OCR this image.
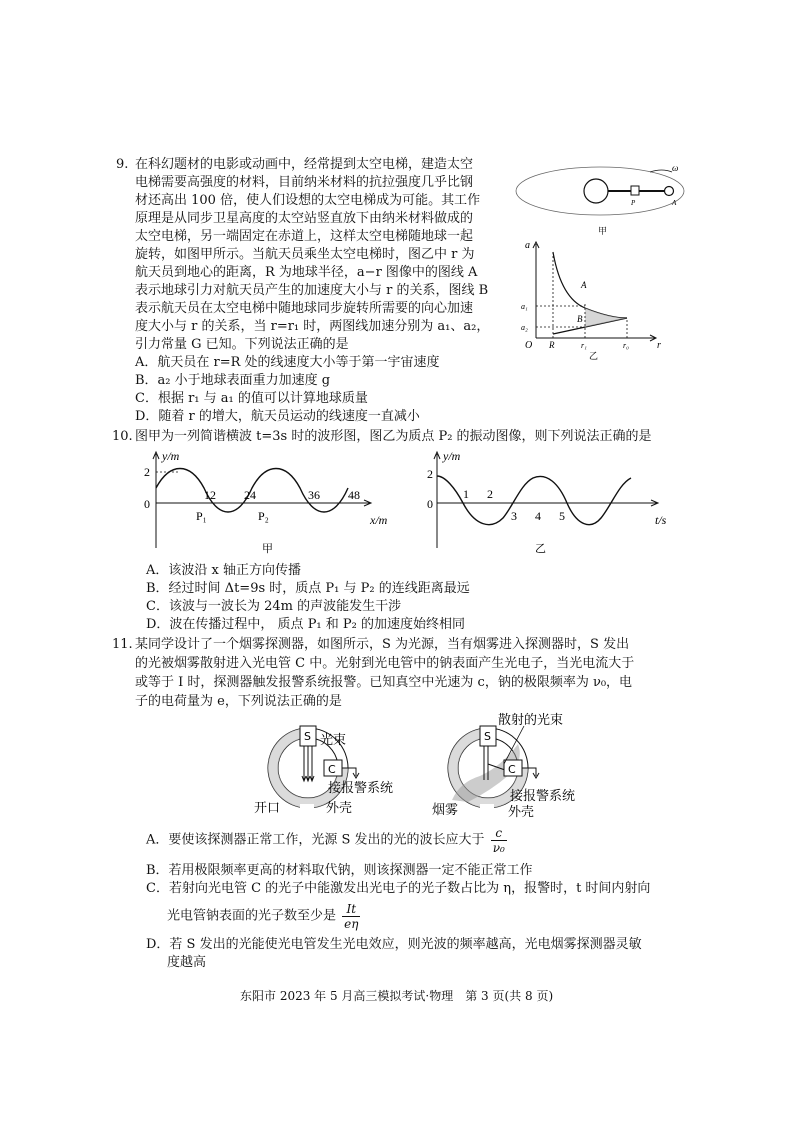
9. 在科幻题材的电影或动画中，经常提到太空电梯，建造太空
电梯需要高强度的材料，目前纳米材料的抗拉强度几乎比钢
材还高出 100 倍，使人们设想的太空电梯成为可能。其工作
原理是从同步卫星高度的太空站竖直放下由纳米材料做成的
太空电梯，另一端固定在赤道上，这样太空电梯随地球一起
旋转，如图甲所示。当航天员乘坐太空电梯时，图乙中 r 为
航天员到地心的距离，R 为地球半径，a−r 图像中的图线 A
表示地球引力对航天员产生的加速度大小与 r 的关系，图线 B
表示航天员在太空电梯中随地球同步旋转所需要的向心加速
度大小与 r 的关系，当 r=r₁ 时，两图线加速分别为 a₁、a₂，
引力常量 G 已知。下列说法正确的是
A．航天员在 r=R 处的线速度大小等于第一宇宙速度
B．a₂ 小于地球表面重力加速度 g
C．根据 r₁ 与 a₁ 的值可以计算地球质量
D．随着 r 的增大，航天员运动的线速度一直减小
ω
P	A
甲
a
r
O
a₁
a₂
R	r₁	r₀
A
B
乙
10. 图甲为一列简谐横波 t=3s 时的波形图，图乙为质点 P₂ 的振动图像，则下列说法正确的是
y/m
2
0
12 24	36 48
x/m
P₁	P₂
甲
y/m
2
0
1 2
3 4 5	t/s
乙
A．该波沿 x 轴正方向传播
B．经过时间 Δt=9s 时，质点 P₁ 与 P₂ 的连线距离最远
C．该波与一波长为 24m 的声波能发生干涉
D．波在传播过程中， 质点 P₁ 和 P₂ 的加速度始终相同
11. 某同学设计了一个烟雾探测器，如图所示，S 为光源，当有烟雾进入探测器时，S 发出
的光被烟雾散射进入光电管 C 中。光射到光电管中的钠表面产生光电子，当光电流大于
或等于 I 时，探测器触发报警系统报警。已知真空中光速为 c，钠的极限频率为 ν₀，电
子的电荷量为 e，下列说法正确的是
S
C
光束
接报警系统
开口	外壳
S
C
散射的光束
接报警系统
烟雾	外壳
A．要使该探测器正常工作，光源 S 发出的光的波长应大于 $\frac{c}{\text{ν₀}}$
B．若用极限频率更高的材料取代钠，则该探测器一定不能正常工作
C．若射向光电管 C 的光子中能激发出光电子的光子数占比为 η，报警时，t 时间内射向
光电管钠表面的光子数至少是 $\frac{It}{e\eta}$
D．若 S 发出的光能使光电管发生光电效应，则光波的频率越高，光电烟雾探测器灵敏
度越高
东阳市 2023 年 5 月高三模拟考试·物理　第 3 页(共 8 页)
